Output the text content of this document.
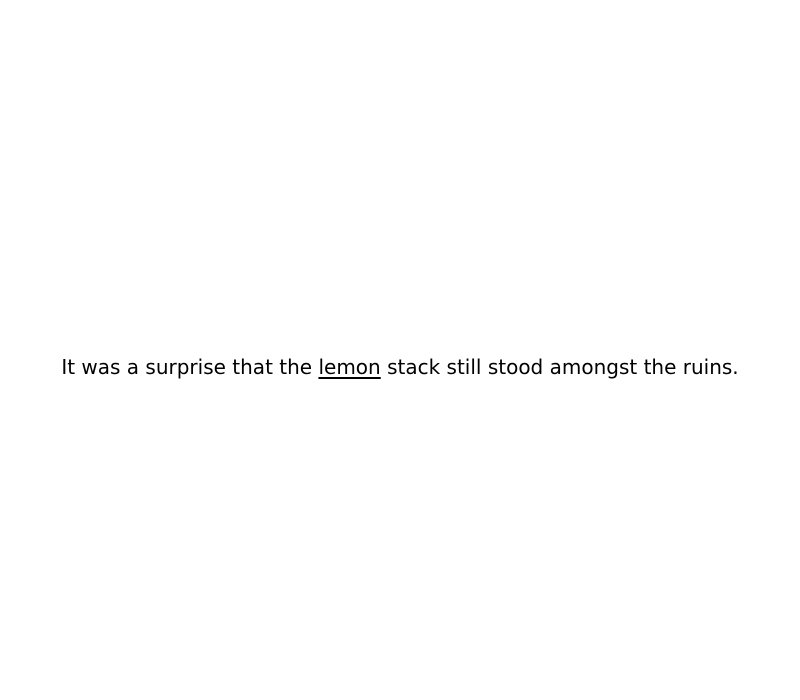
It was a surprise that the lemon stack still stood amongst the ruins.
